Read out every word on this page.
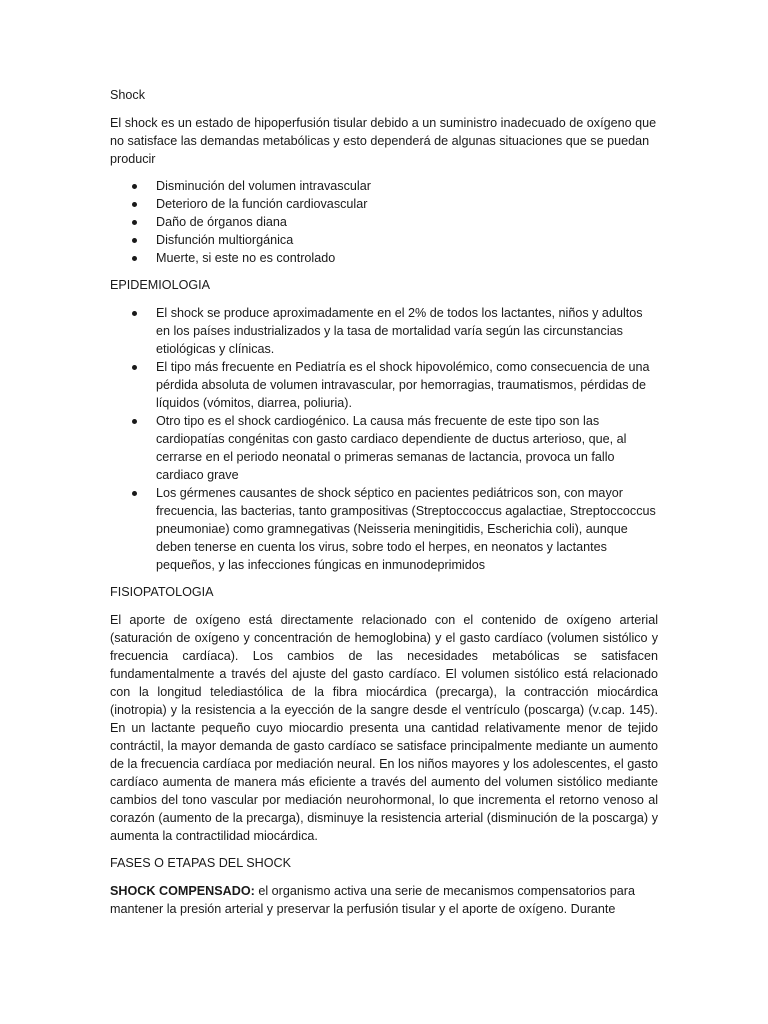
Shock

El shock es un estado de hipoperfusión tisular debido a un suministro inadecuado de oxígeno que no satisface las demandas metabólicas y esto dependerá de algunas situaciones que se puedan producir

Disminución del volumen intravascular
Deterioro de la función cardiovascular
Daño de órganos diana
Disfunción multiorgánica
Muerte, si este no es controlado

EPIDEMIOLOGIA

El shock se produce aproximadamente en el 2% de todos los lactantes, niños y adultos en los países industrializados y la tasa de mortalidad varía según las circunstancias etiológicas y clínicas.
El tipo más frecuente en Pediatría es el shock hipovolémico, como consecuencia de una pérdida absoluta de volumen intravascular, por hemorragias, traumatismos, pérdidas de líquidos (vómitos, diarrea, poliuria).
Otro tipo es el shock cardiogénico. La causa más frecuente de este tipo son las cardiopatías congénitas con gasto cardiaco dependiente de ductus arterioso, que, al cerrarse en el periodo neonatal o primeras semanas de lactancia, provoca un fallo cardiaco grave
Los gérmenes causantes de shock séptico en pacientes pediátricos son, con mayor frecuencia, las bacterias, tanto grampositivas (Streptoccoccus agalactiae, Streptoccoccus pneumoniae) como gramnegativas (Neisseria meningitidis, Escherichia coli), aunque deben tenerse en cuenta los virus, sobre todo el herpes, en neonatos y lactantes pequeños, y las infecciones fúngicas en inmunodeprimidos

FISIOPATOLOGIA

El aporte de oxígeno está directamente relacionado con el contenido de oxígeno arterial (saturación de oxígeno y concentración de hemoglobina) y el gasto cardíaco (volumen sistólico y frecuencia cardíaca). Los cambios de las necesidades metabólicas se satisfacen fundamentalmente a través del ajuste del gasto cardíaco. El volumen sistólico está relacionado con la longitud telediastólica de la fibra miocárdica (precarga), la contracción miocárdica (inotropia) y la resistencia a la eyección de la sangre desde el ventrículo (poscarga) (v.cap. 145). En un lactante pequeño cuyo miocardio presenta una cantidad relativamente menor de tejido contráctil, la mayor demanda de gasto cardíaco se satisface principalmente mediante un aumento de la frecuencia cardíaca por mediación neural. En los niños mayores y los adolescentes, el gasto cardíaco aumenta de manera más eficiente a través del aumento del volumen sistólico mediante cambios del tono vascular por mediación neurohormonal, lo que incrementa el retorno venoso al corazón (aumento de la precarga), disminuye la resistencia arterial (disminución de la poscarga) y aumenta la contractilidad miocárdica.

FASES O ETAPAS DEL SHOCK

SHOCK COMPENSADO: el organismo activa una serie de mecanismos compensatorios para mantener la presión arterial y preservar la perfusión tisular y el aporte de oxígeno. Durante
